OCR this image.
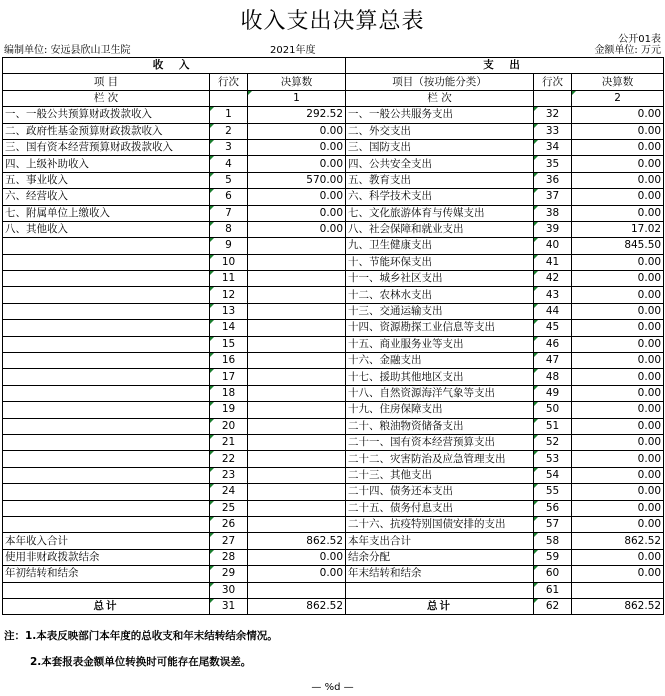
收入支出决算总表
公开01表
编制单位: 安远县欣山卫生院	2021年度	金额单位: 万元
收 入			支 出		
项 目	行次	决算数	项目（按功能分类）	行次	决算数
栏 次		1	栏 次		2
一、一般公共预算财政拨款收入	1	292.52	一、一般公共服务支出	32	0.00
二、政府性基金预算财政拨款收入	2	0.00	二、外交支出	33	0.00
三、国有资本经营预算财政拨款收入	3	0.00	三、国防支出	34	0.00
四、上级补助收入	4	0.00	四、公共安全支出	35	0.00
五、事业收入	5	570.00	五、教育支出	36	0.00
六、经营收入	6	0.00	六、科学技术支出	37	0.00
七、附属单位上缴收入	7	0.00	七、文化旅游体育与传媒支出	38	0.00
八、其他收入	8	0.00	八、社会保障和就业支出	39	17.02
	9		九、卫生健康支出	40	845.50
	10		十、节能环保支出	41	0.00
	11		十一、城乡社区支出	42	0.00
	12		十二、农林水支出	43	0.00
	13		十三、交通运输支出	44	0.00
	14		十四、资源勘探工业信息等支出	45	0.00
	15		十五、商业服务业等支出	46	0.00
	16		十六、金融支出	47	0.00
	17		十七、援助其他地区支出	48	0.00
	18		十八、自然资源海洋气象等支出	49	0.00
	19		十九、住房保障支出	50	0.00
	20		二十、粮油物资储备支出	51	0.00
	21		二十一、国有资本经营预算支出	52	0.00
	22		二十二、灾害防治及应急管理支出	53	0.00
	23		二十三、其他支出	54	0.00
	24		二十四、债务还本支出	55	0.00
	25		二十五、债务付息支出	56	0.00
	26		二十六、抗疫特别国债安排的支出	57	0.00
本年收入合计	27	862.52	本年支出合计	58	862.52
使用非财政拨款结余	28	0.00	结余分配	59	0.00
年初结转和结余	29	0.00	年末结转和结余	60	0.00
	30			61	
总计	31	862.52	总计	62	862.52
注：1.本表反映部门本年度的总收支和年末结转结余情况。
2.本套报表金额单位转换时可能存在尾数误差。
— %d —
